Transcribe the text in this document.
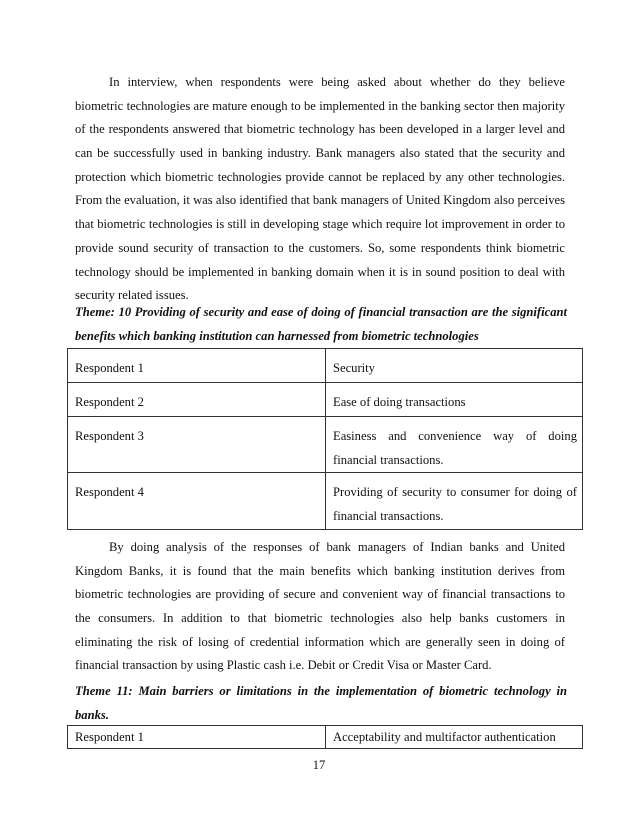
In interview, when respondents were being asked about whether do they believe
biometric technologies are mature enough to be implemented in the banking sector then majority
of the respondents answered that biometric technology has been developed in a larger level and
can be successfully used in banking industry. Bank managers also stated that the security and
protection which biometric technologies provide cannot be replaced by any other technologies.
From the evaluation, it was also identified that bank managers of United Kingdom also perceives
that biometric technologies is still in developing stage which require lot improvement in order to
provide sound security of transaction to the customers. So, some respondents think biometric
technology should be implemented in banking domain when it is in sound position to deal with
security related issues.
Theme: 10 Providing of security and ease of doing of financial transaction are the significant
benefits which banking institution can harnessed from biometric technologies
Respondent 1	Security

Respondent 2	Ease of doing transactions

Respondent 3	Easiness and convenience way of doing
financial transactions.

Respondent 4	Providing of security to consumer for doing of
financial transactions.
By doing analysis of the responses of bank managers of Indian banks and United
Kingdom Banks, it is found that the main benefits which banking institution derives from
biometric technologies are providing of secure and convenient way of financial transactions to
the consumers. In addition to that biometric technologies also help banks customers in
eliminating the risk of losing of credential information which are generally seen in doing of
financial transaction by using Plastic cash i.e. Debit or Credit Visa or Master Card.
Theme 11: Main barriers or limitations in the implementation of biometric technology in
banks.
Respondent 1	Acceptability and multifactor authentication
17
